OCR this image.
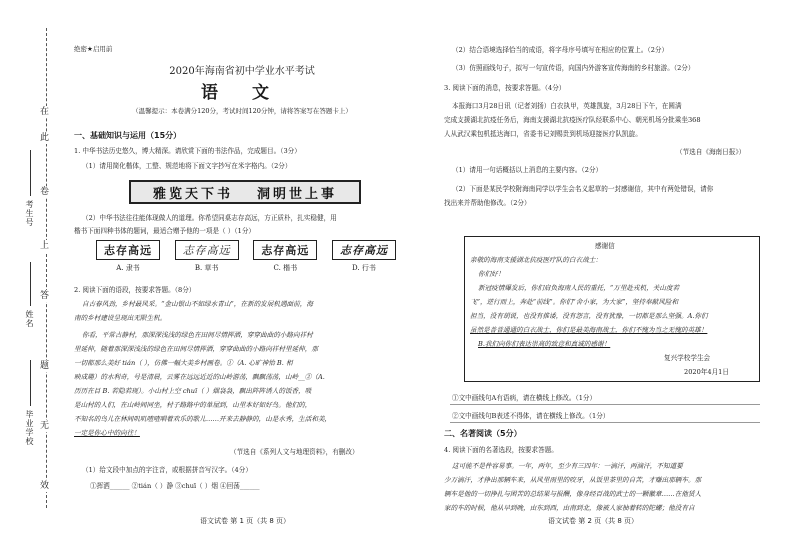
在
此
卷
上
答
题
无
效
考生号
姓名
毕业学校
绝密★启用前
2020年海南省初中学业水平考试
语 文
（温馨提示：本卷满分120分，考试时间120分钟，请将答案写在答题卡上）
一、基础知识与运用（15分）
1. 中华书法历史悠久，博大精深。请欣赏下面的书法作品，完成题目。（3分）
（1）请用简化楷体，工整、规范地将下面文字抄写在米字格内。（2分）
雅览天下书 洞明世上事
（2）中华书法往往能体现做人的道理。你希望同桌志存高远，方正质朴，扎实稳健，用
楷书下面四种书体的题词，最适合赠予他的一项是（ ）（1分）
志存高远
A. 隶书
志存高远
B. 草书
志存高远
C. 楷书
志存高远
D. 行书
2. 阅读下面的语段，按要求答题。（8分）
自古春风劲，乡村最风采。“金山银山不如绿水青山”，在新的发展机遇面前，海
南的乡村建设呈现出无限生机。
你看，平常古静村，那深深浅浅的绿色在田间尽情挥洒，穿穿曲曲的小路向祥村
里延伸，随着那深深浅浅的绿色在田间尽情挥洒，穿穿曲曲的小路向祥村里延伸，那
一切都那么美好 tián（ ），仿佛一幅大美乡村画卷。①（A. 心旷神怡 B. 相
映成趣）的水利奇，号是清晨，云雾在远远近近的山岭游荡，飘飘荡荡，山岭__②（A.
历历在目 B. 若隐若现）。小山村上空 chuī（ ）烟袅袅，飘出阵阵诱人的饭香，吸
是山村的人们，在山岭间同坐，村子路路中的单屋到，山里本好如好鸟。他们的，
不知名的鸟儿在林间叽叽喳喳唱着欢乐的歌儿……开来去静静的，山是水秀，生活和美，
一定是你心中的向往！
（节选自《系列人文与地理资料》，有删改）
（1）给文段中加点的字注音，或根据拼音写汉字。（4分）
①挥洒______ ②tián（ ）静 ③chuī（ ）烟 ④回荡______
语文试卷 第 1 页（共 8 页）
（2）结合语境选择恰当的成语，将字母序号填写在相应的位置上。（2分）
（3）仿照画线句子，拟写一句宣传语，向国内外游客宣传海南的乡村旅游。（2分）
3. 阅读下面的消息，按要求答题。（4分）
本报海口3月28日讯（记者刘扬）白衣执甲，英雄凯旋，3月28日下午，在圆满
完成支援湖北抗疫任务后，海南支援湖北抗疫医疗队经联系中心、朝光机场分批乘坐368
人从武汉乘包机抵达海口，省委书记刘赐贵到机场迎接医疗队凯旋。
（节选自《海南日报》）
（1）请用一句话概括以上消息的主要内容。（2分）
（2）下面是某民学校附海南同学以学生会名义起草的一封感谢信，其中有两处错误，请你
找出来并帮助他修改。（2分）
感谢信
亲敬的海南支援湖北抗疫医疗队的白衣战士：
你们好！
新冠疫情爆发后，你们肩负海南人民的重托，“万里赴戎机，关山度若
飞”，逆行而上，奔赴“前线”。你们“舍小家，为大家”，坚持奉献风险和
担当，没有胡说，也没有推诿，没有怨言，没有犹豫，一切都是那么坚强。A.你们
虽然是普普通通的白衣战士，你们是最美海南战士，你们不愧为当之无愧的英雄！
B.我们向你们表达崇高的致意和真诚的感谢！
复兴学校学生会
2020年4月1日
①文中画线句A有语病，请在横线上修改。（1分）
②文中画线句B表述不得体，请在横线上修改。（1分）
二、名著阅读（5分）
4. 阅读下面的名著选段，按要求答题。
这可能不是件容易事。一年，两年，至少有三四年：一滴汗，两滴汗，不知道要
少万滴汗，才挣出那辆车来，从风里雨里的咬牙，从饭里茶里的自苦，才赚出那辆车。那
辆车是他的一切挣扎与困苦的总结果与报酬，像身经百战的武士的一颗徽章……在他赁人
家的车的时候，他从早到晚，由东到西，由南到北，像被人家抽着转的陀螺；他没有自
语文试卷 第 2 页（共 8 页）
